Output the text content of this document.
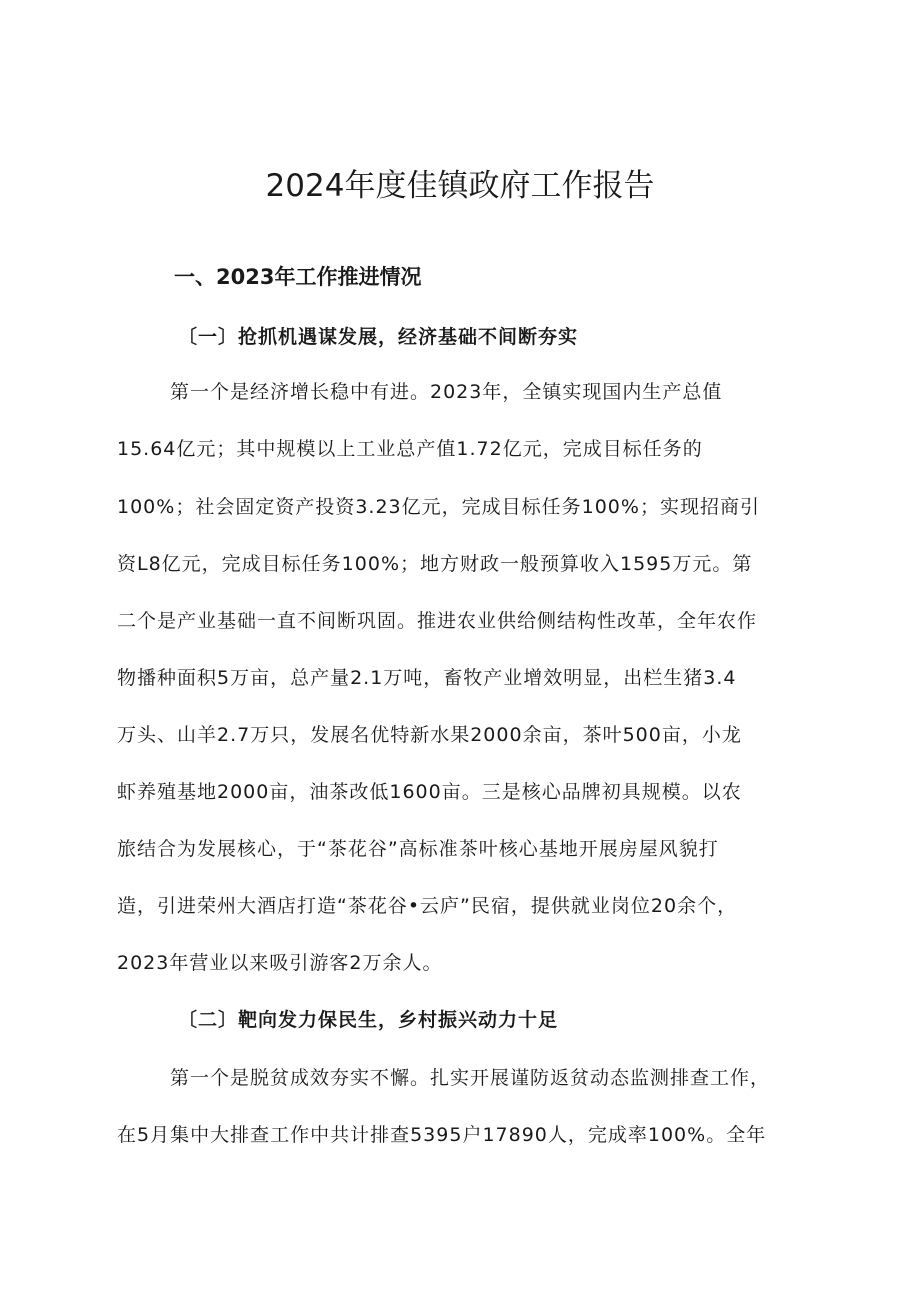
2024年度佳镇政府工作报告
一、2023年工作推进情况
〔一〕抢抓机遇谋发展，经济基础不间断夯实
第一个是经济增长稳中有进。2023年，全镇实现国内生产总值
15.64亿元；其中规模以上工业总产值1.72亿元，完成目标任务的
100%；社会固定资产投资3.23亿元，完成目标任务100%；实现招商引
资L8亿元，完成目标任务100%；地方财政一般预算收入1595万元。第
二个是产业基础一直不间断巩固。推进农业供给侧结构性改革，全年农作
物播种面积5万亩，总产量2.1万吨，畜牧产业增效明显，出栏生猪3.4
万头、山羊2.7万只，发展名优特新水果2000余亩，茶叶500亩，小龙
虾养殖基地2000亩，油茶改低1600亩。三是核心品牌初具规模。以农
旅结合为发展核心，于“茶花谷”高标准茶叶核心基地开展房屋风貌打
造，引进荣州大酒店打造“茶花谷•云庐”民宿，提供就业岗位20余个，
2023年营业以来吸引游客2万余人。
〔二〕靶向发力保民生，乡村振兴动力十足
第一个是脱贫成效夯实不懈。扎实开展谨防返贫动态监测排查工作，
在5月集中大排查工作中共计排查5395户17890人，完成率100%。全年
